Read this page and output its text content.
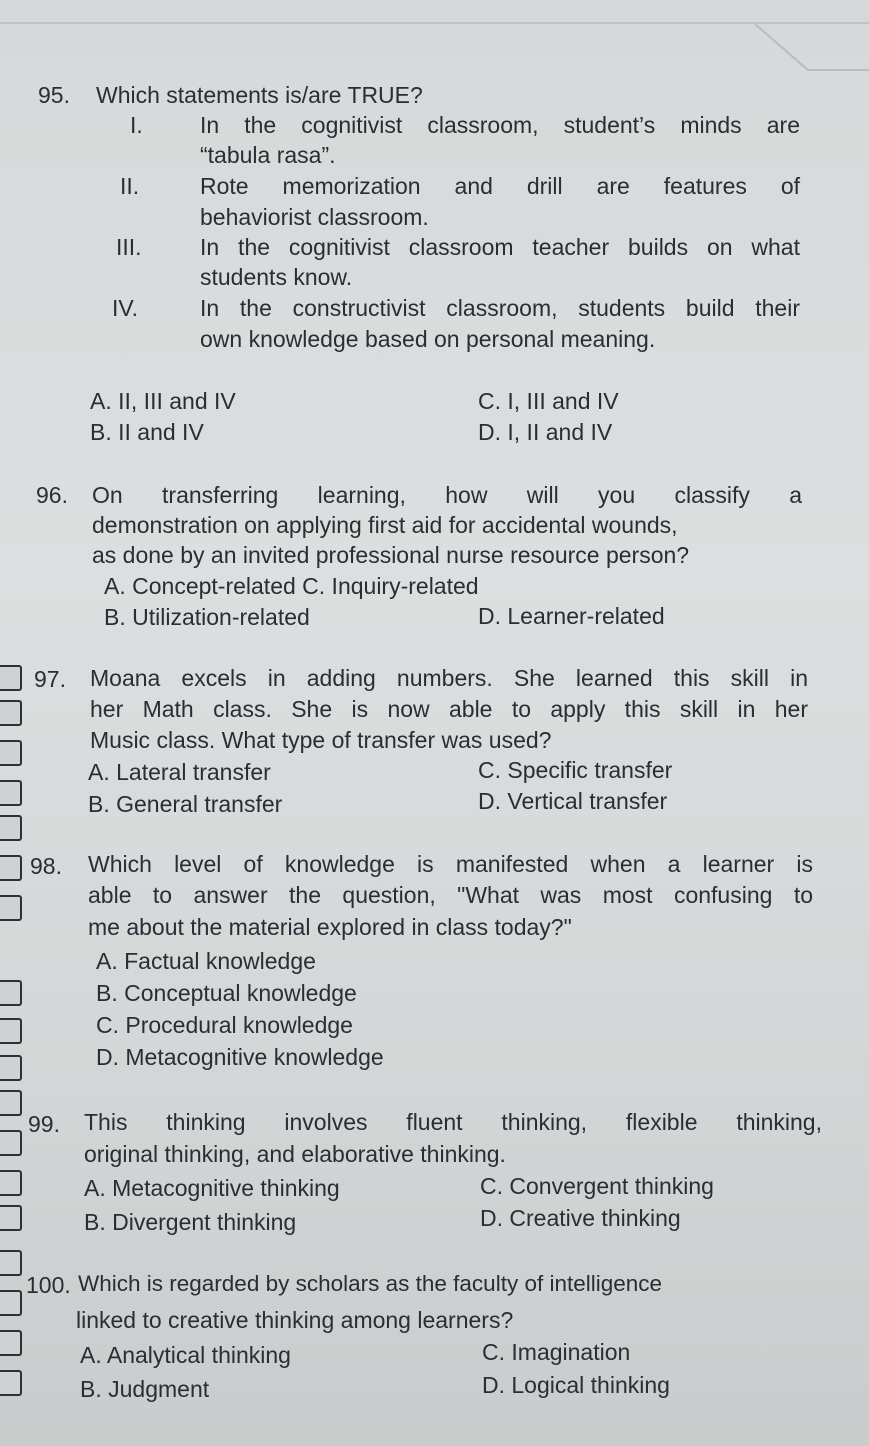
95. Which statements is/are TRUE?
I. In the cognitivist classroom, student’s minds are
“tabula rasa”.
II.	Rote memorization and drill are features of
behaviorist classroom.
III.	In the cognitivist classroom teacher builds on what
students know.
IV.	In the constructivist classroom, students build their
own knowledge based on personal meaning.
A. II, III and IV
B. II and IV
C. I, III and IV
D. I, II and IV
96. On transferring learning, how will you classify a
demonstration on applying first aid for accidental wounds,
as done by an invited professional nurse resource person?
A. Concept-related C. Inquiry-related
B. Utilization-related	D. Learner-related
97. Moana excels in adding numbers. She learned this skill in
her Math class. She is now able to apply this skill in her
Music class. What type of transfer was used?
A. Lateral transfer
B. General transfer
C. Specific transfer
D. Vertical transfer
98. Which level of knowledge is manifested when a learner is
able to answer the question, "What was most confusing to
me about the material explored in class today?"
A. Factual knowledge
B. Conceptual knowledge
C. Procedural knowledge
D. Metacognitive knowledge
99. This thinking involves fluent thinking, flexible thinking,
original thinking, and elaborative thinking.
A. Metacognitive thinking
B. Divergent thinking
C. Convergent thinking
D. Creative thinking
100. Which is regarded by scholars as the faculty of intelligence
linked to creative thinking among learners?
A. Analytical thinking
B. Judgment
C. Imagination
D. Logical thinking
